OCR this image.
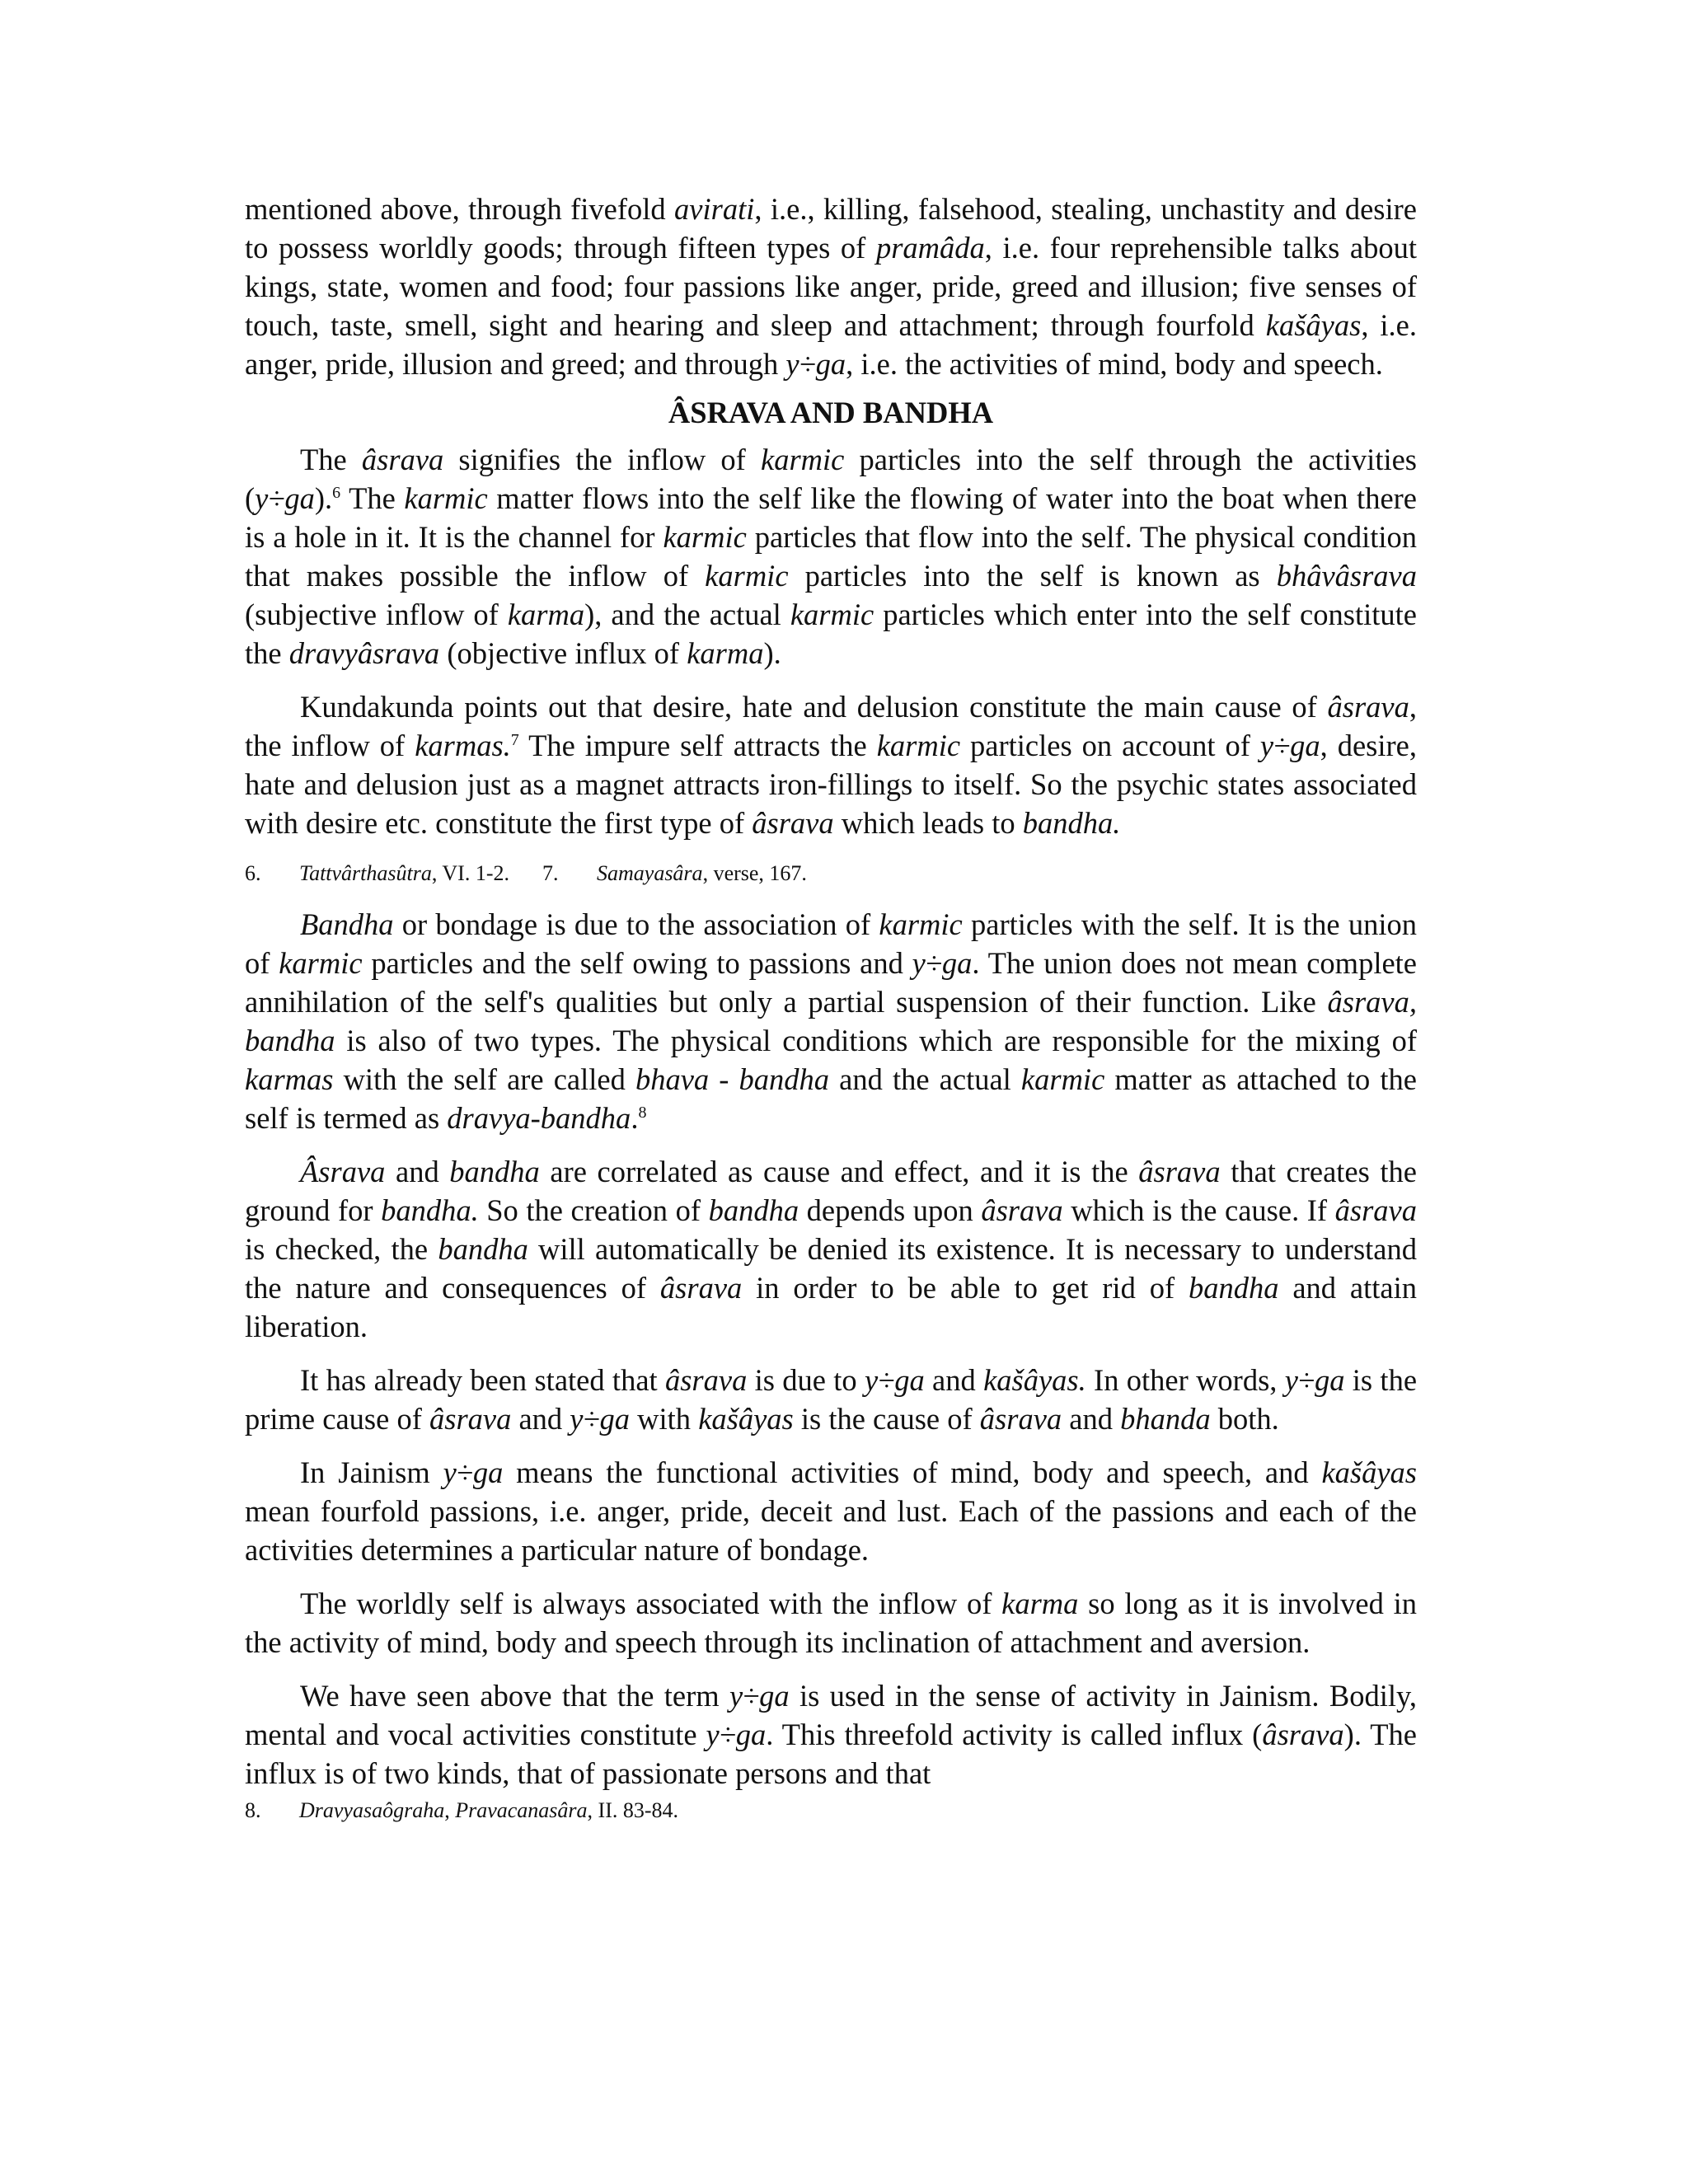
mentioned above, through fivefold avirati, i.e., killing, falsehood, stealing, unchastity and desire to possess worldly goods; through fifteen types of pramâda, i.e. four reprehensible talks about kings, state, women and food; four passions like anger, pride, greed and illusion; five senses of touch, taste, smell, sight and hearing and sleep and attachment; through fourfold kašâyas, i.e. anger, pride, illusion and greed; and through y÷ga, i.e. the activities of mind, body and speech.

ÂSRAVA AND BANDHA

The âsrava signifies the inflow of karmic particles into the self through the activities (y÷ga).$^6$ The karmic matter flows into the self like the flowing of water into the boat when there is a hole in it. It is the channel for karmic particles that flow into the self. The physical condition that makes possible the inflow of karmic particles into the self is known as bhâvâsrava (subjective inflow of karma), and the actual karmic particles which enter into the self constitute the dravyâsrava (objective influx of karma).

Kundakunda points out that desire, hate and delusion constitute the main cause of âsrava, the inflow of karmas.$^7$ The impure self attracts the karmic particles on account of y÷ga, desire, hate and delusion just as a magnet attracts iron-fillings to itself. So the psychic states associated with desire etc. constitute the first type of âsrava which leads to bandha.

6. Tattvârthasûtra, VI. 1-2. 7. Samayasâra, verse, 167.

Bandha or bondage is due to the association of karmic particles with the self. It is the union of karmic particles and the self owing to passions and y÷ga. The union does not mean complete annihilation of the self's qualities but only a partial suspension of their function. Like âsrava, bandha is also of two types. The physical conditions which are responsible for the mixing of karmas with the self are called bhava - bandha and the actual karmic matter as attached to the self is termed as dravya-bandha.$^8$

Âsrava and bandha are correlated as cause and effect, and it is the âsrava that creates the ground for bandha. So the creation of bandha depends upon âsrava which is the cause. If âsrava is checked, the bandha will automatically be denied its existence. It is necessary to understand the nature and consequences of âsrava in order to be able to get rid of bandha and attain liberation.

It has already been stated that âsrava is due to y÷ga and kašâyas. In other words, y÷ga is the prime cause of âsrava and y÷ga with kašâyas is the cause of âsrava and bhanda both.

In Jainism y÷ga means the functional activities of mind, body and speech, and kašâyas mean fourfold passions, i.e. anger, pride, deceit and lust. Each of the passions and each of the activities determines a particular nature of bondage.

The worldly self is always associated with the inflow of karma so long as it is involved in the activity of mind, body and speech through its inclination of attachment and aversion.

We have seen above that the term y÷ga is used in the sense of activity in Jainism. Bodily, mental and vocal activities constitute y÷ga. This threefold activity is called influx (âsrava). The influx is of two kinds, that of passionate persons and that

8. Dravyasaôgraha, Pravacanasâra, II. 83-84.
